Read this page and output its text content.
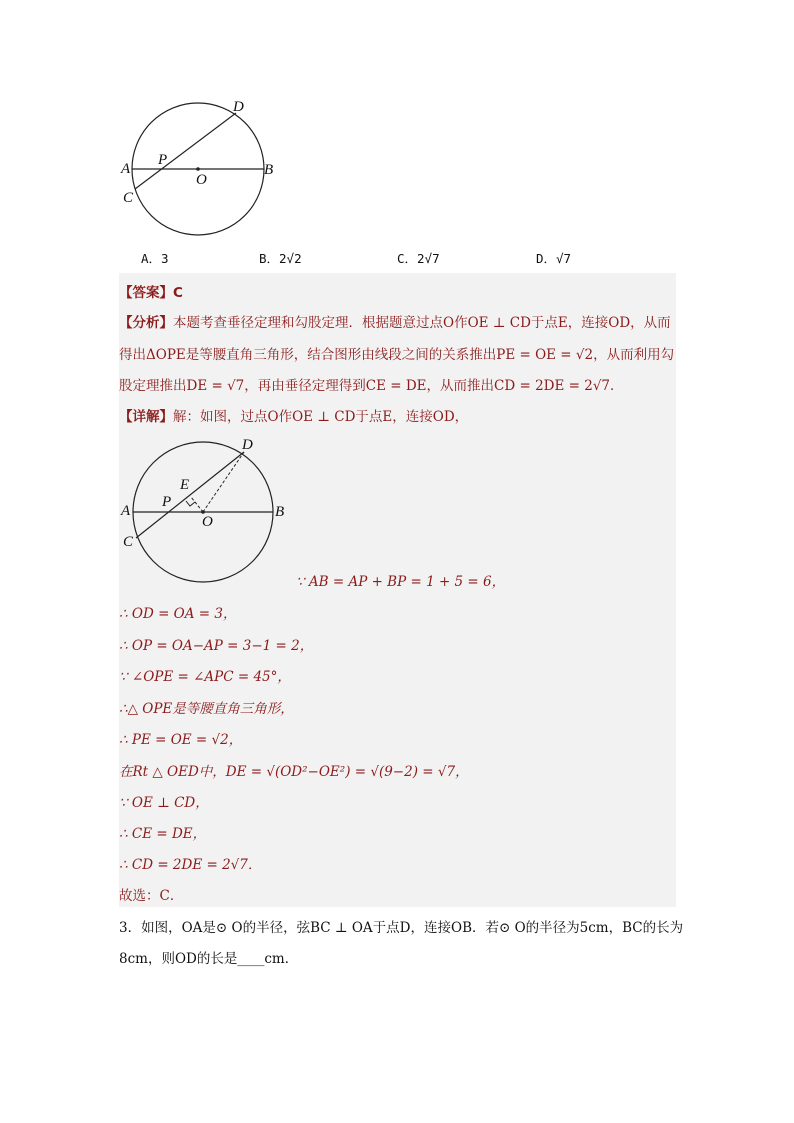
D
P
A
O
B
C
A．3	B．2√2	C．2√7	D．√7
【答案】C
【分析】本题考查垂径定理和勾股定理．根据题意过点O作OE ⊥ CD于点E，连接OD，从而
得出ΔOPE是等腰直角三角形，结合图形由线段之间的关系推出PE = OE = √2，从而利用勾
股定理推出DE = √7，再由垂径定理得到CE = DE，从而推出CD = 2DE = 2√7．
【详解】解：如图，过点O作OE ⊥ CD于点E，连接OD，
D
E
P
A
O
B
C
∵ AB = AP + BP = 1 + 5 = 6，
∴ OD = OA = 3，
∴ OP = OA−AP = 3−1 = 2，
∵ ∠OPE = ∠APC = 45°，
∴△ OPE是等腰直角三角形，
∴ PE = OE = √2，
在Rt △ OED中，DE = √(OD²−OE²) = √(9−2) = √7，
∵ OE ⊥ CD，
∴ CE = DE，
∴ CD = 2DE = 2√7．
故选：C．
3．如图，OA是⊙ O的半径，弦BC ⊥ OA于点D，连接OB．若⊙ O的半径为5cm，BC的长为
8cm，则OD的长是____cm．
